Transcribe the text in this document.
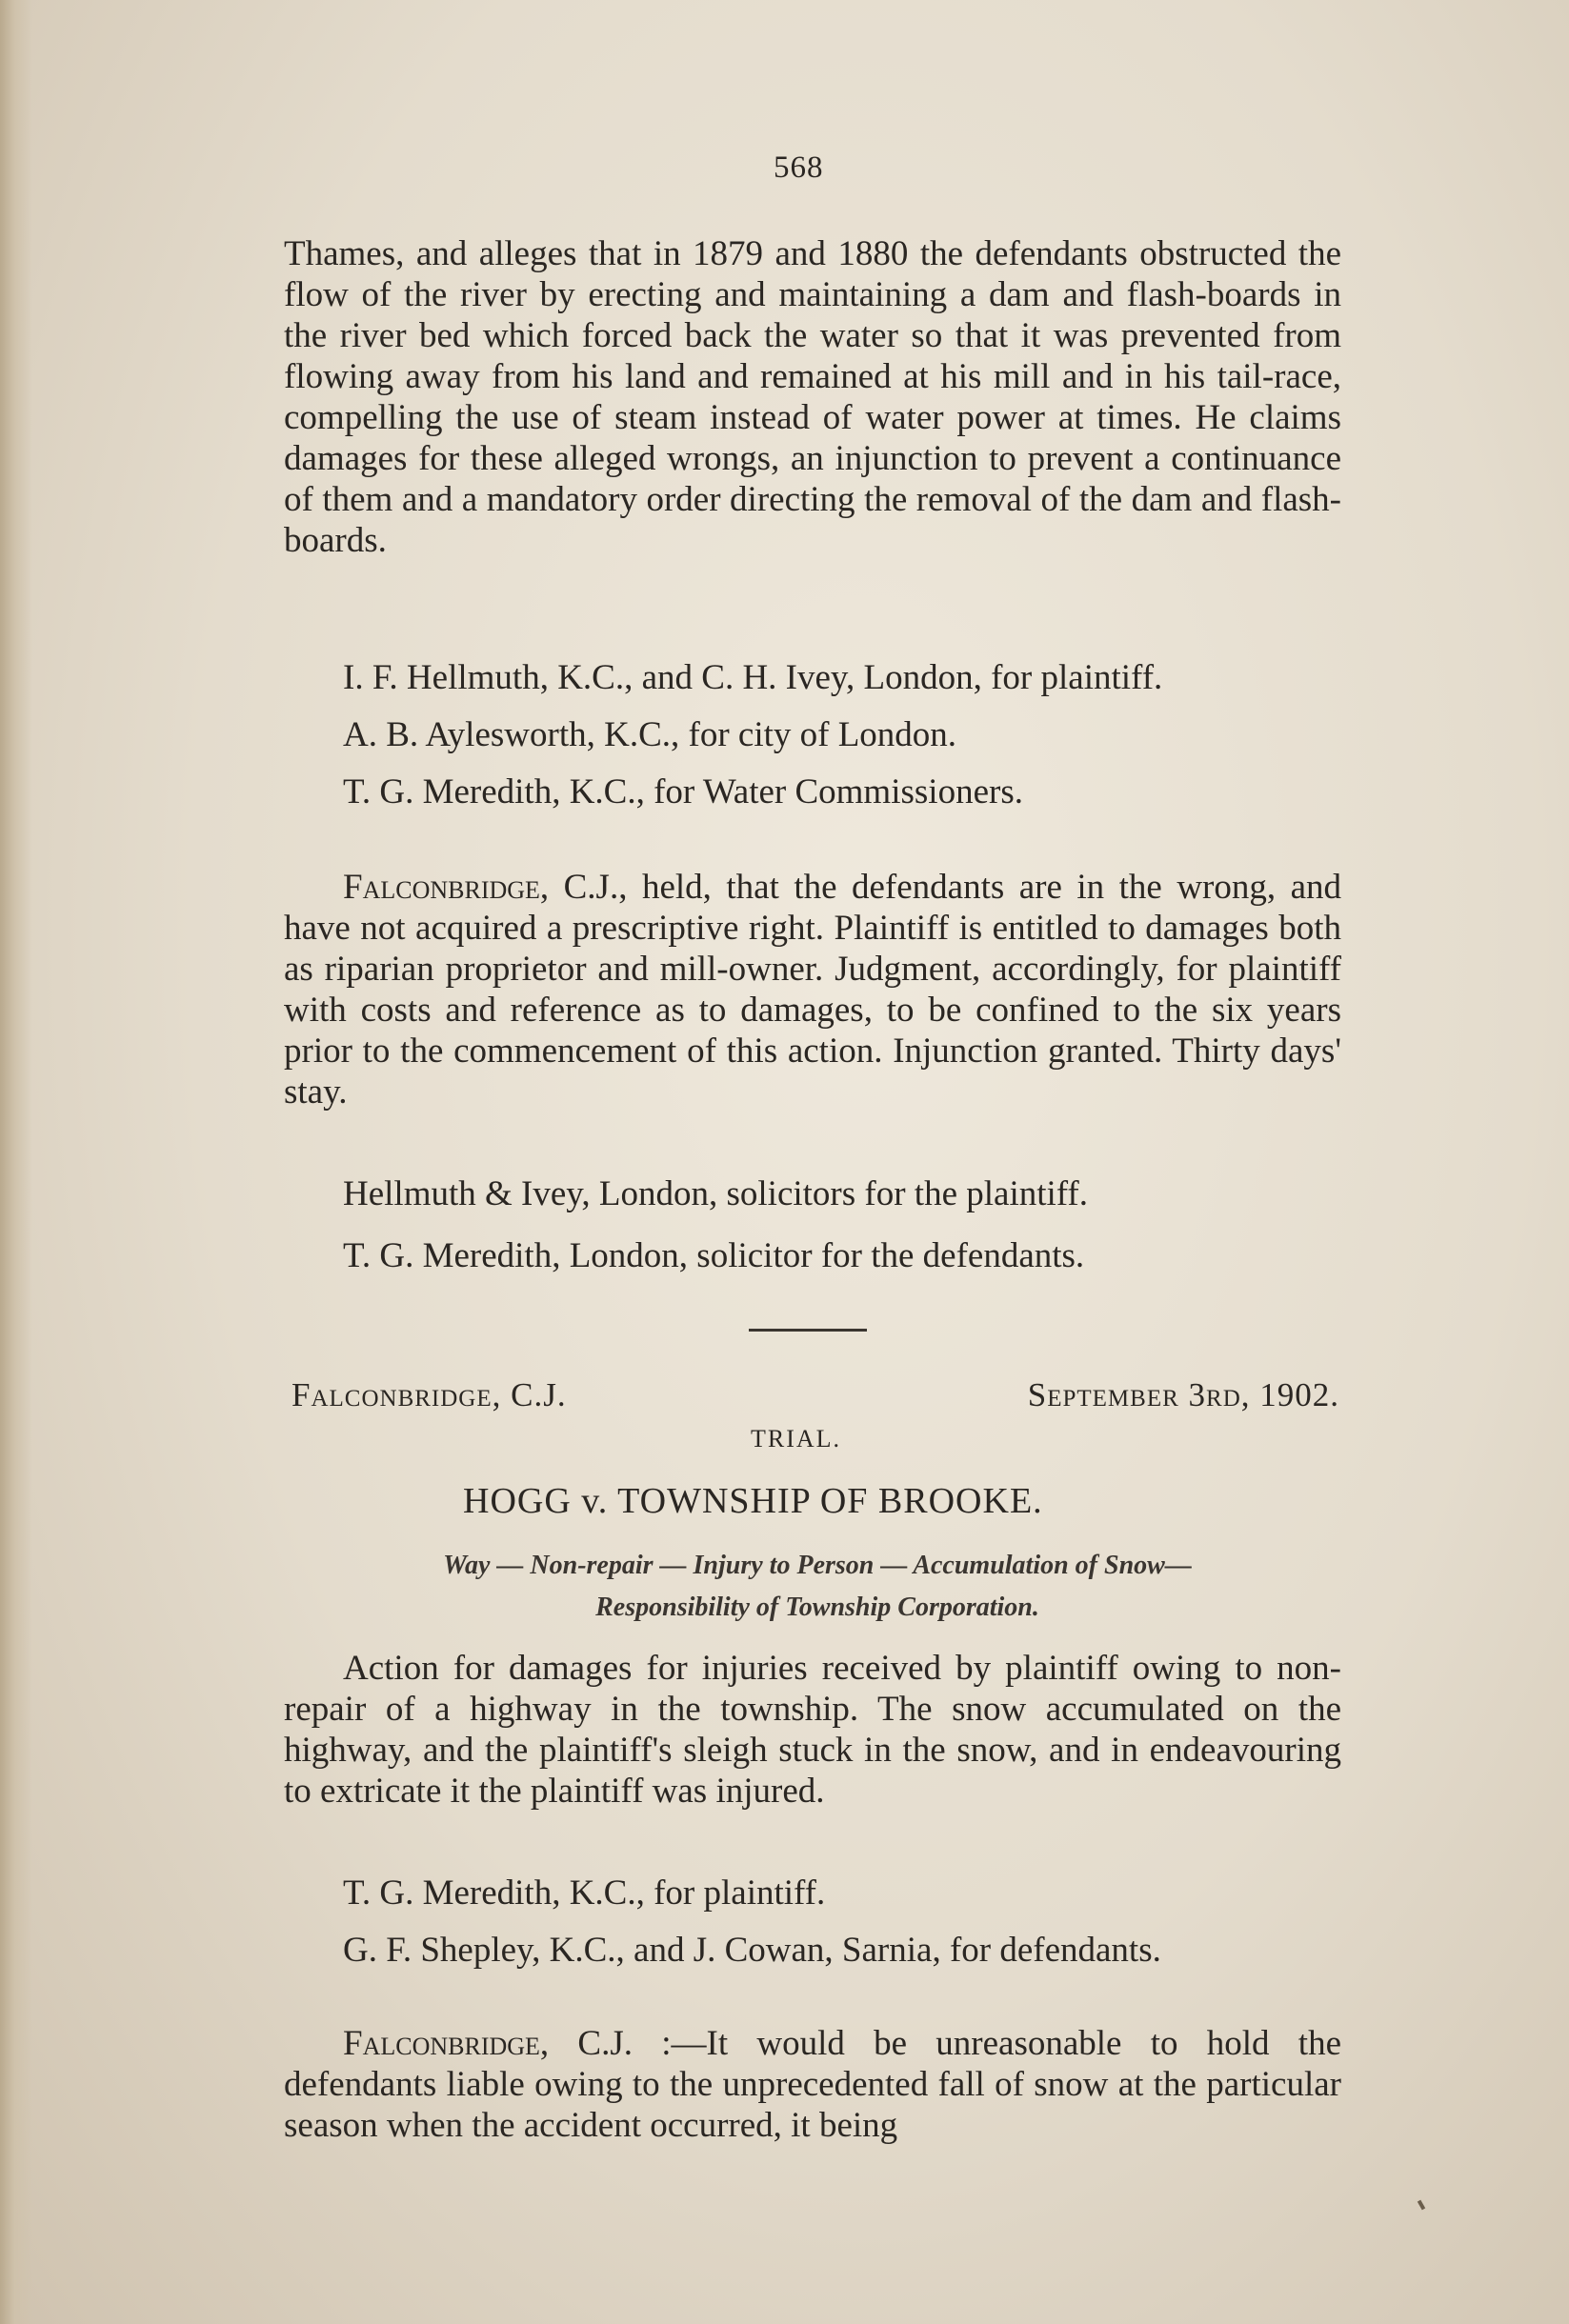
568

Thames, and alleges that in 1879 and 1880 the defendants obstructed the flow of the river by erecting and maintaining a dam and flash-boards in the river bed which forced back the water so that it was prevented from flowing away from his land and remained at his mill and in his tail-race, compelling the use of steam instead of water power at times. He claims damages for these alleged wrongs, an injunction to prevent a continuance of them and a mandatory order directing the removal of the dam and flash-boards.

I. F. Hellmuth, K.C., and C. H. Ivey, London, for plaintiff.

A. B. Aylesworth, K.C., for city of London.

T. G. Meredith, K.C., for Water Commissioners.

Falconbridge, C.J., held, that the defendants are in the wrong, and have not acquired a prescriptive right. Plaintiff is entitled to damages both as riparian proprietor and mill-owner. Judgment, accordingly, for plaintiff with costs and reference as to damages, to be confined to the six years prior to the commencement of this action. Injunction granted. Thirty days' stay.

Hellmuth & Ivey, London, solicitors for the plaintiff.

T. G. Meredith, London, solicitor for the defendants.

Falconbridge, C.J.	September 3rd, 1902.
TRIAL.
HOGG v. TOWNSHIP OF BROOKE.
Way — Non-repair — Injury to Person — Accumulation of Snow—
Responsibility of Township Corporation.

Action for damages for injuries received by plaintiff owing to non-repair of a highway in the township. The snow accumulated on the highway, and the plaintiff's sleigh stuck in the snow, and in endeavouring to extricate it the plaintiff was injured.

T. G. Meredith, K.C., for plaintiff.

G. F. Shepley, K.C., and J. Cowan, Sarnia, for defendants.

Falconbridge, C.J. :—It would be unreasonable to hold the defendants liable owing to the unprecedented fall of snow at the particular season when the accident occurred, it being
